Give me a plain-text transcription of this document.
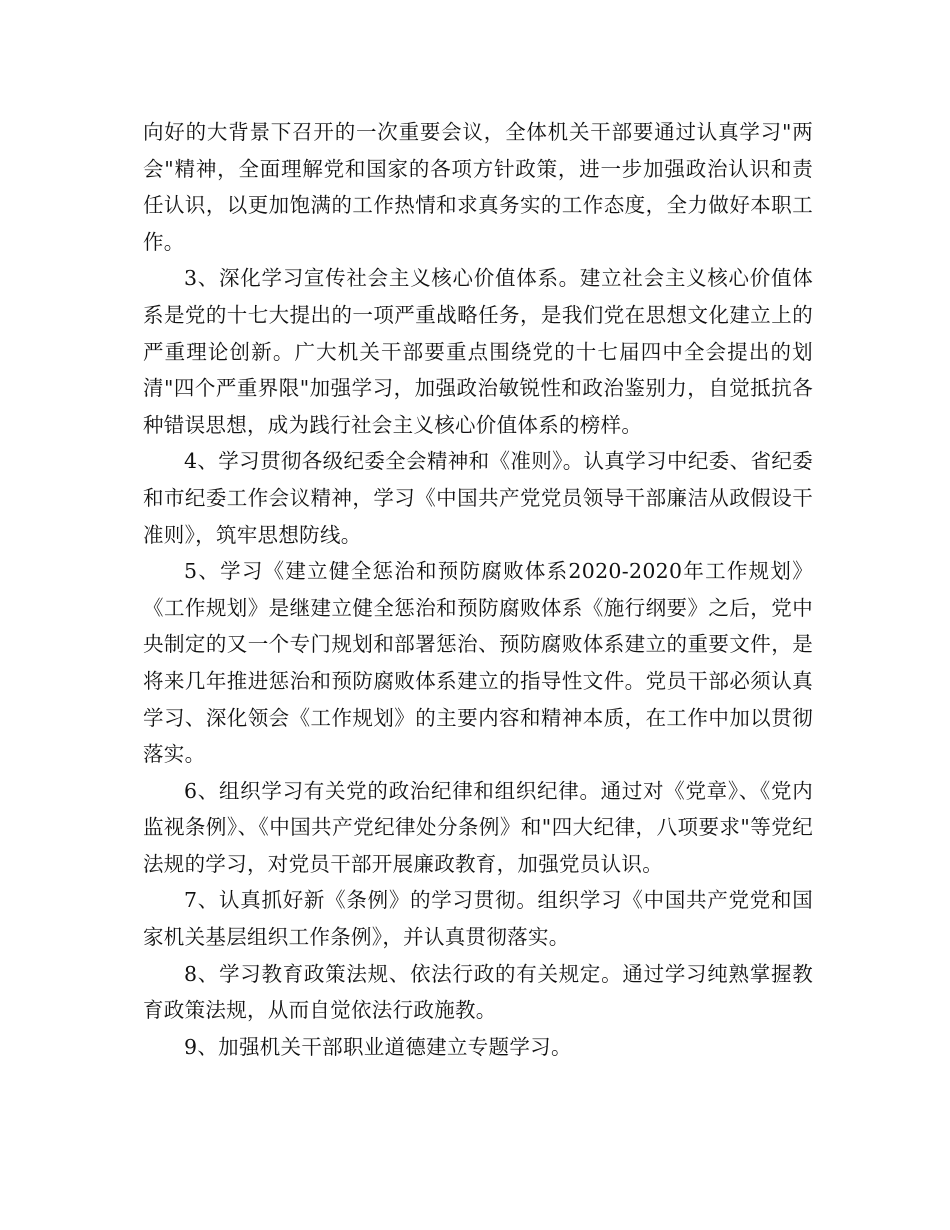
向好的大背景下召开的一次重要会议，全体机关干部要通过认真学习"两会"精神，全面理解党和国家的各项方针政策，进一步加强政治认识和责任认识，以更加饱满的工作热情和求真务实的工作态度，全力做好本职工作。

3、深化学习宣传社会主义核心价值体系。建立社会主义核心价值体系是党的十七大提出的一项严重战略任务，是我们党在思想文化建立上的严重理论创新。广大机关干部要重点围绕党的十七届四中全会提出的划清"四个严重界限"加强学习，加强政治敏锐性和政治鉴别力，自觉抵抗各种错误思想，成为践行社会主义核心价值体系的榜样。

4、学习贯彻各级纪委全会精神和《准则》。认真学习中纪委、省纪委和市纪委工作会议精神，学习《中国共产党党员领导干部廉洁从政假设干准则》，筑牢思想防线。

5、学习《建立健全惩治和预防腐败体系2020-2020年工作规划》《工作规划》是继建立健全惩治和预防腐败体系《施行纲要》之后，党中央制定的又一个专门规划和部署惩治、预防腐败体系建立的重要文件，是将来几年推进惩治和预防腐败体系建立的指导性文件。党员干部必须认真学习、深化领会《工作规划》的主要内容和精神本质，在工作中加以贯彻落实。

6、组织学习有关党的政治纪律和组织纪律。通过对《党章》、《党内监视条例》、《中国共产党纪律处分条例》和"四大纪律，八项要求"等党纪法规的学习，对党员干部开展廉政教育，加强党员认识。

7、认真抓好新《条例》的学习贯彻。组织学习《中国共产党党和国家机关基层组织工作条例》，并认真贯彻落实。

8、学习教育政策法规、依法行政的有关规定。通过学习纯熟掌握教育政策法规，从而自觉依法行政施教。

9、加强机关干部职业道德建立专题学习。
